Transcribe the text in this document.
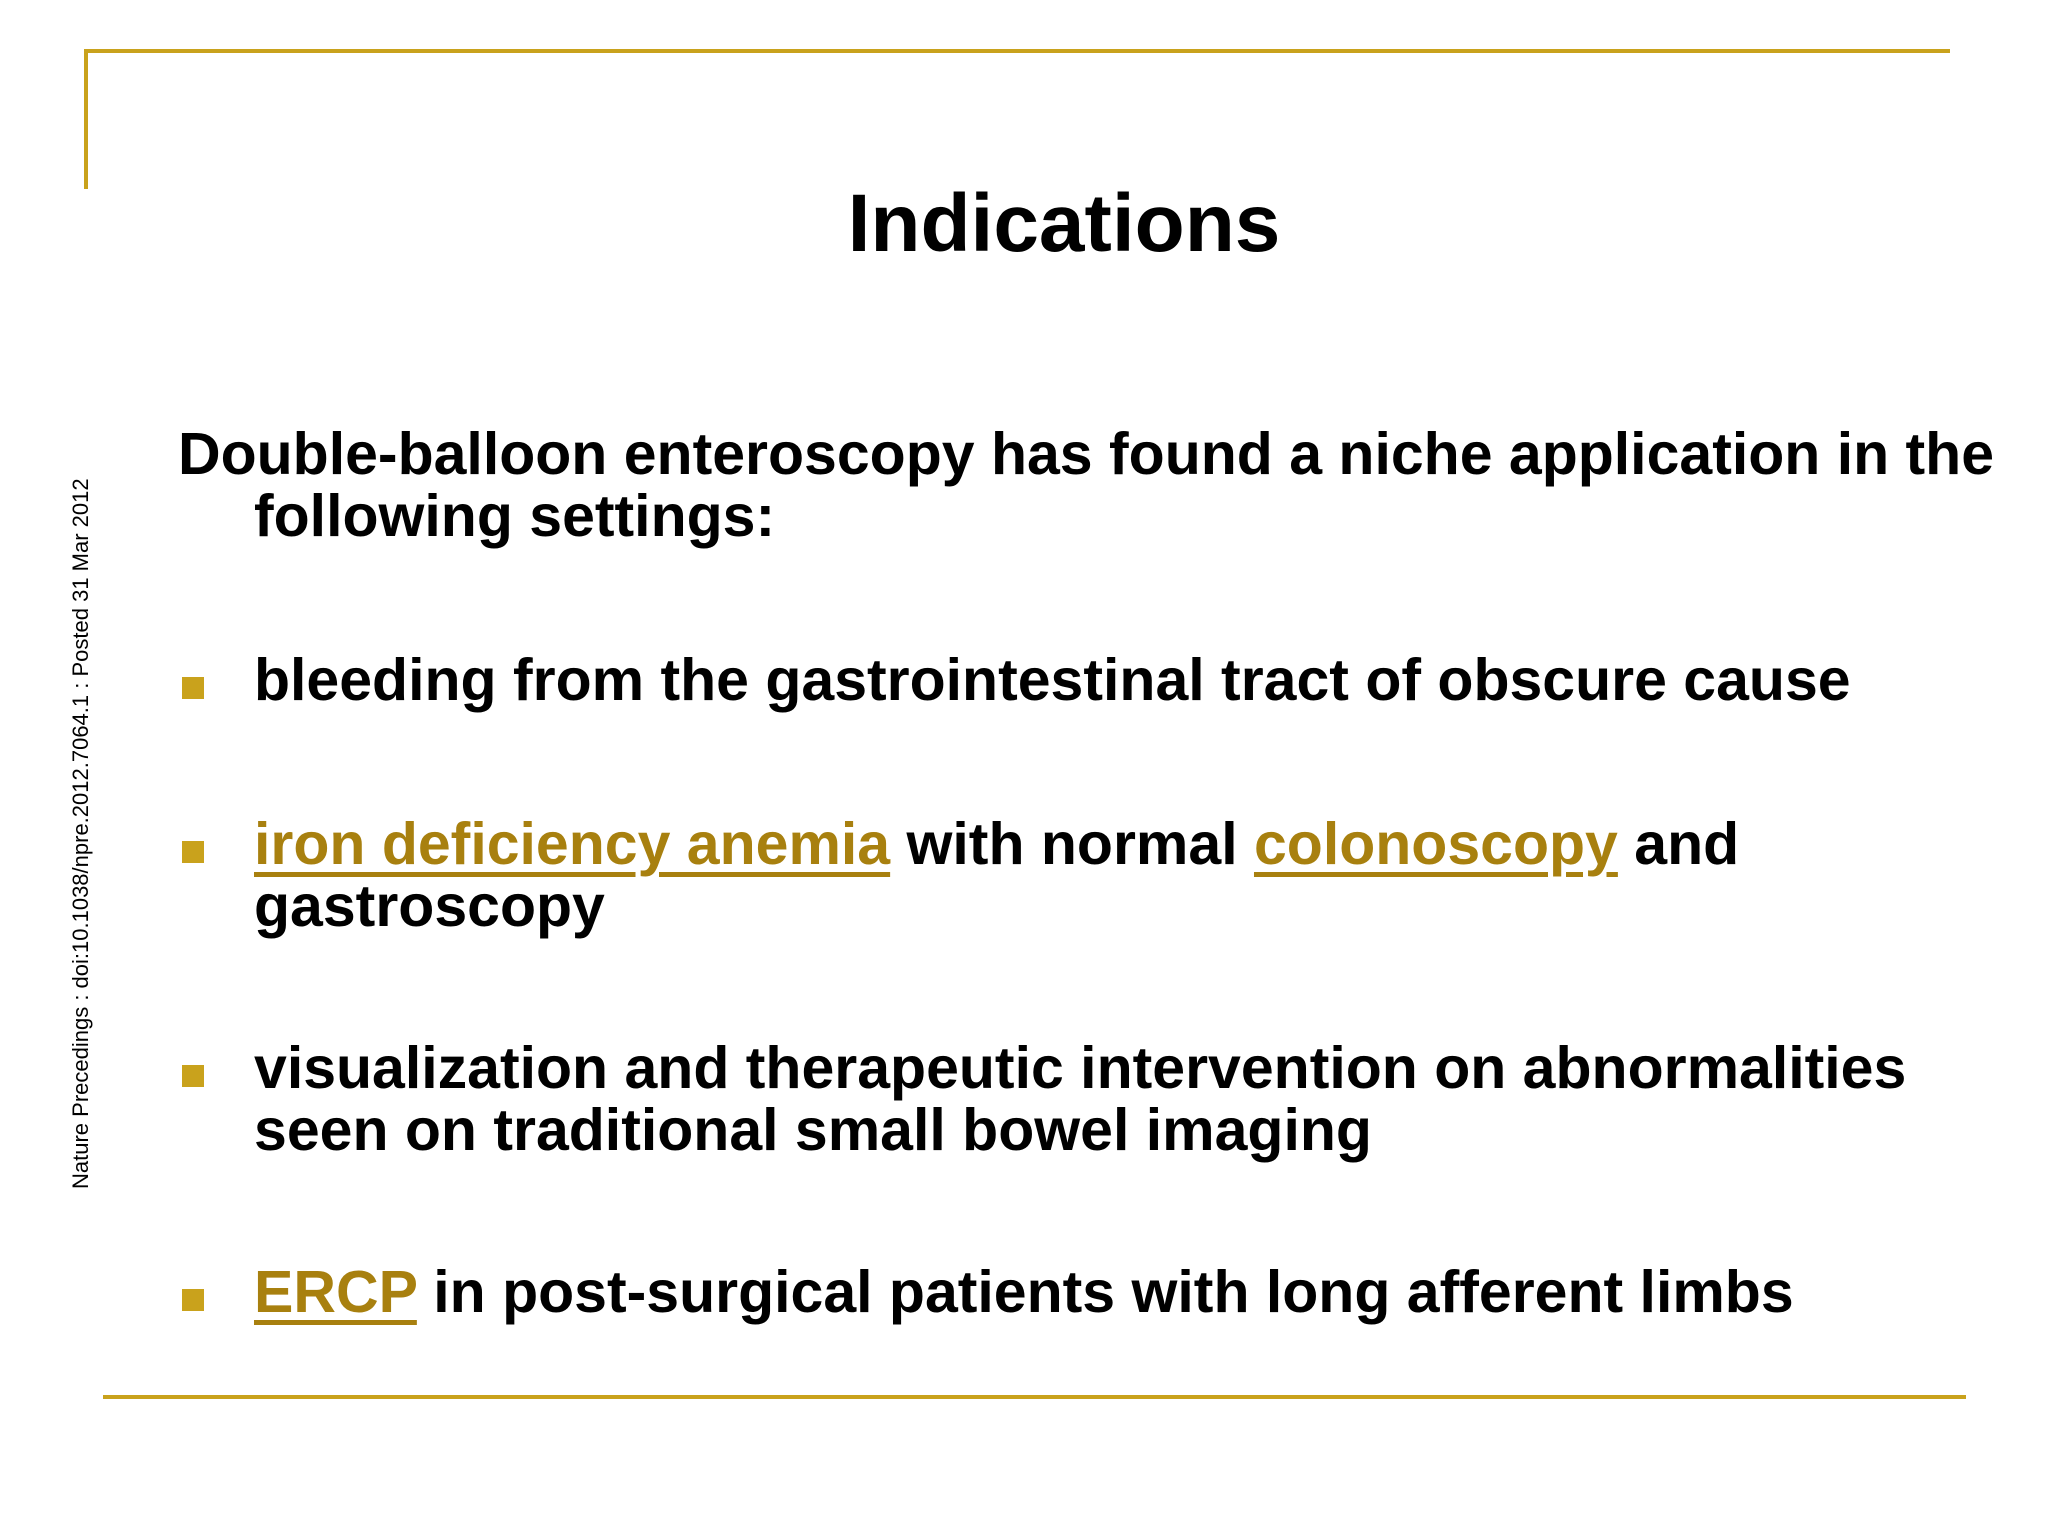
Nature Precedings : doi:10.1038/npre.2012.7064.1 : Posted 31 Mar 2012
Indications

Double-balloon enteroscopy has found a niche application in the following settings:

bleeding from the gastrointestinal tract of obscure cause
iron deficiency anemia with normal colonoscopy and gastroscopy
visualization and therapeutic intervention on abnormalities seen on traditional small bowel imaging
ERCP in post-surgical patients with long afferent limbs
